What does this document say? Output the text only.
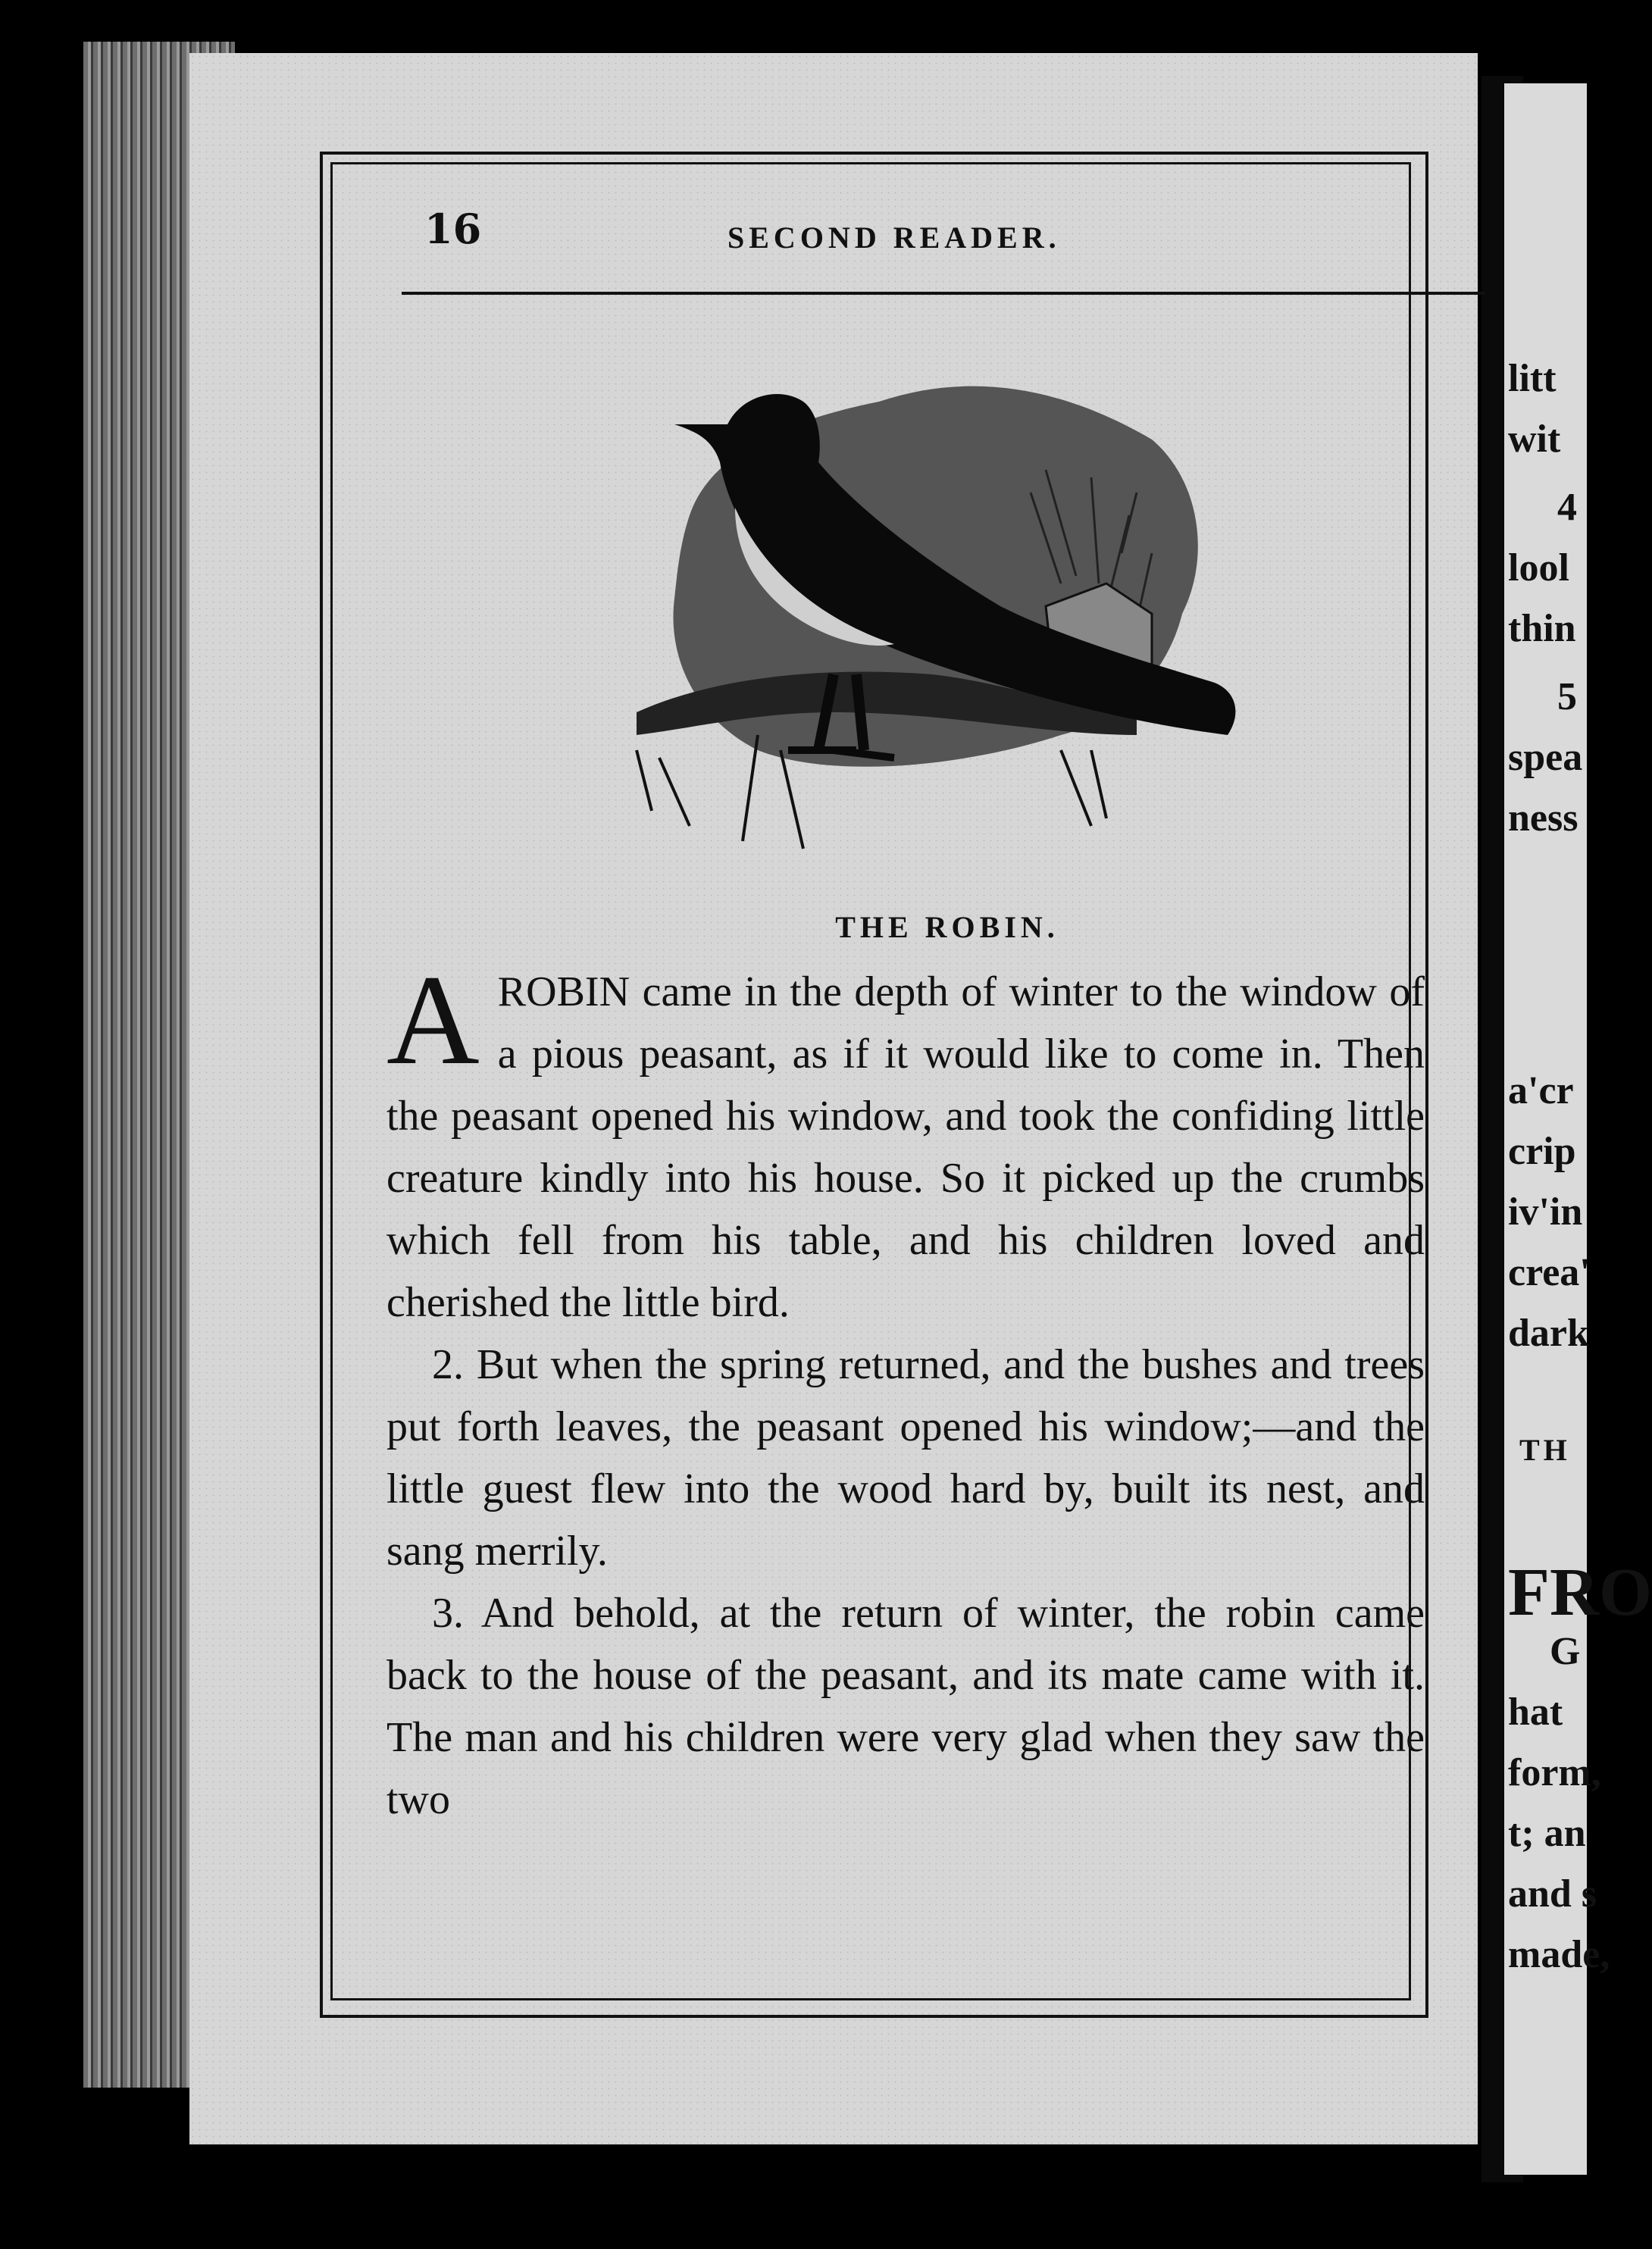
litt
wit
4
lool
thin
5
spea
ness
a'cr
crip
iv'in
crea'
dark
TH
FRO
G
hat
form,
t; an
and s
made,
16	SECOND READER.
THE ROBIN.

A ROBIN came in the depth of winter to the window of a pious peasant, as if it would like to come in. Then the peasant opened his window, and took the confiding little creature kindly into his house. So it picked up the crumbs which fell from his table, and his children loved and cherished the little bird.

2. But when the spring returned, and the bushes and trees put forth leaves, the peasant opened his window;—and the little guest flew into the wood hard by, built its nest, and sang merrily.

3. And behold, at the return of winter, the robin came back to the house of the peasant, and its mate came with it. The man and his children were very glad when they saw the two
